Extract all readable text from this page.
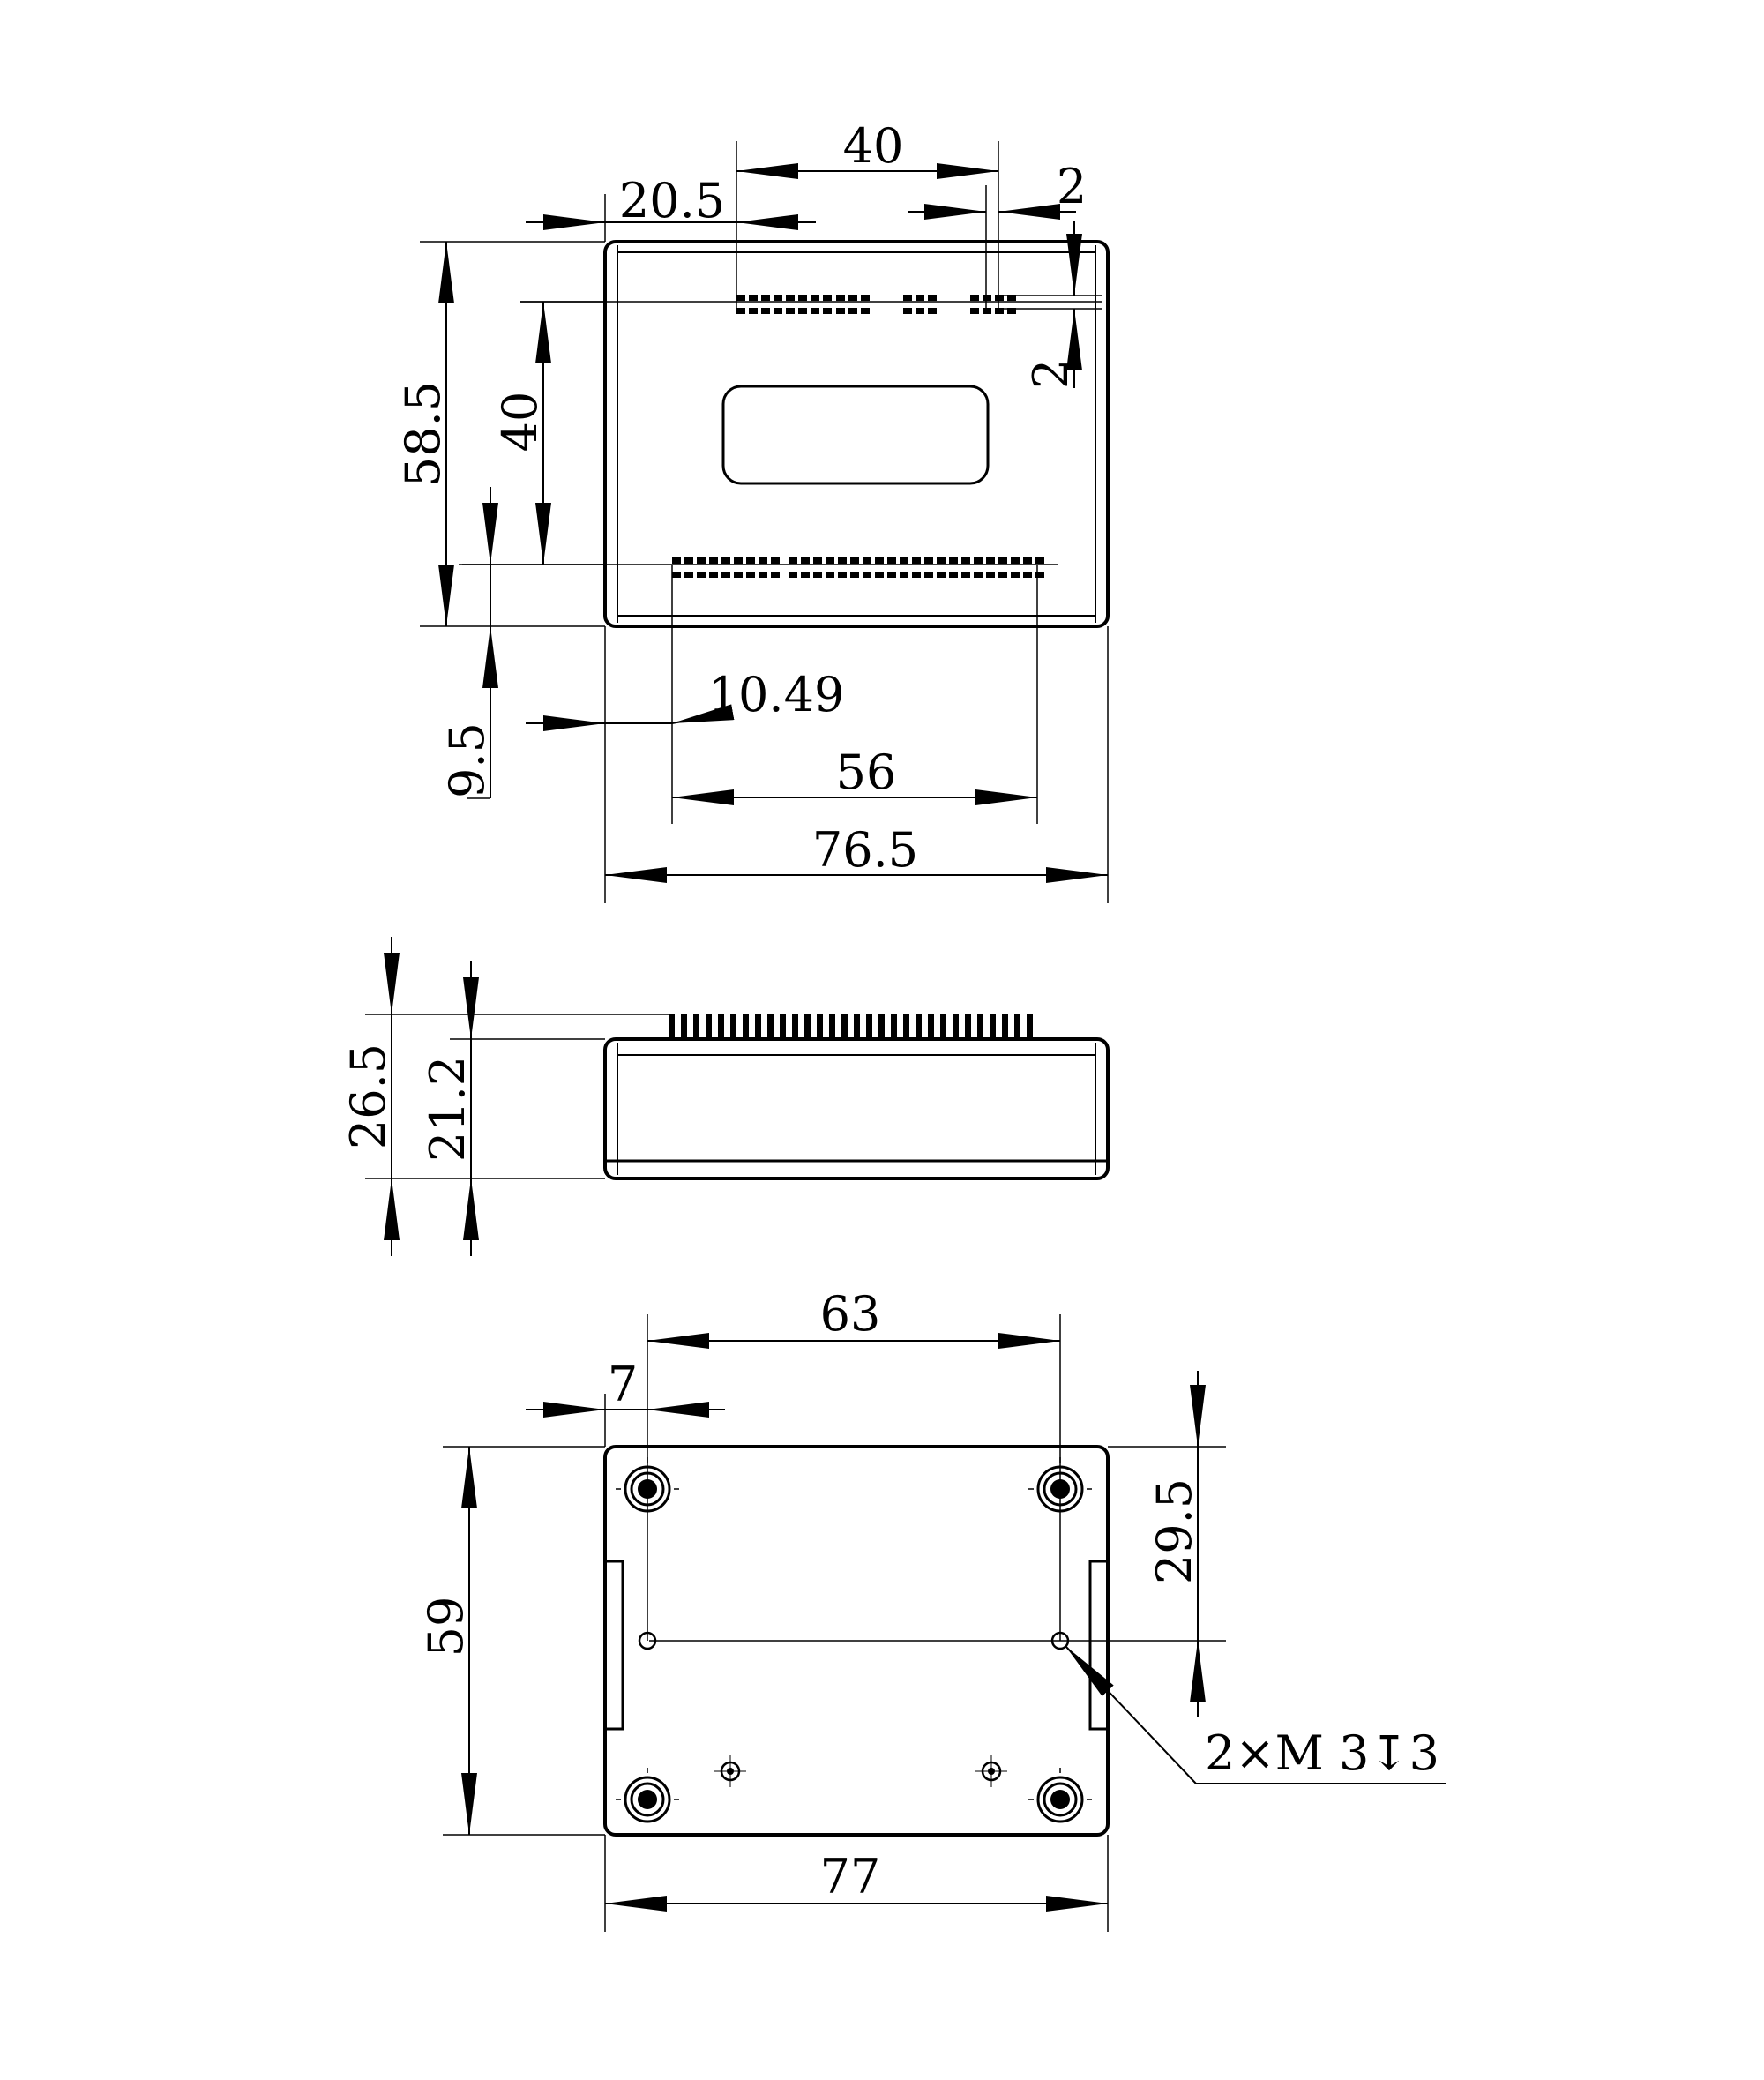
40
20.5	2
2
58.5 40
9.5
10.49
56
76.5
26.5 21.2
63
7
59
29.5
77
2×M 3↧3
